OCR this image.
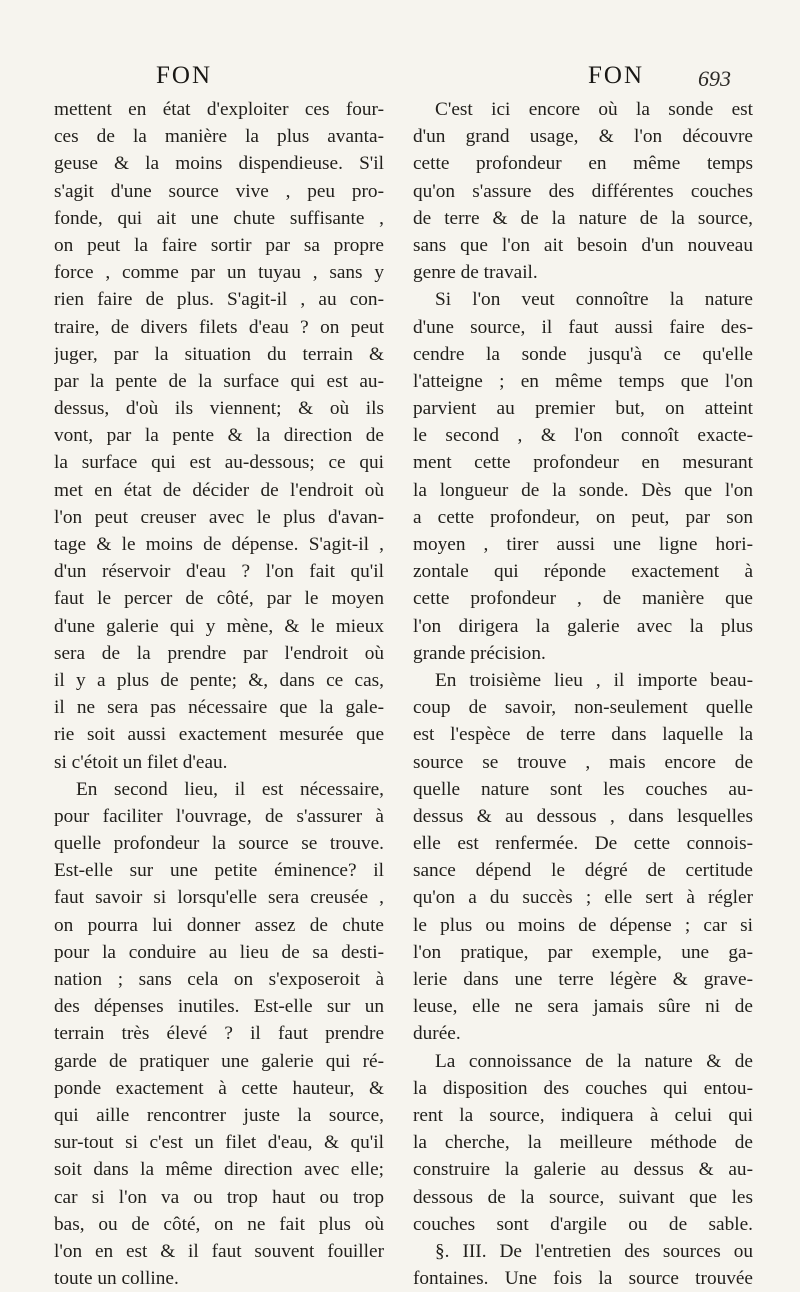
FON	FON 693
mettent en état d'exploiter ces four-
ces de la manière la plus avanta-
geuse & la moins dispendieuse. S'il
s'agit d'une source vive , peu pro-
fonde, qui ait une chute suffisante ,
on peut la faire sortir par sa propre
force , comme par un tuyau , sans y
rien faire de plus. S'agit-il , au con-
traire, de divers filets d'eau ? on peut
juger, par la situation du terrain &
par la pente de la surface qui est au-
dessus, d'où ils viennent; & où ils
vont, par la pente & la direction de
la surface qui est au-dessous; ce qui
met en état de décider de l'endroit où
l'on peut creuser avec le plus d'avan-
tage & le moins de dépense. S'agit-il ,
d'un réservoir d'eau ? l'on fait qu'il
faut le percer de côté, par le moyen
d'une galerie qui y mène, & le mieux
sera de la prendre par l'endroit où
il y a plus de pente; &, dans ce cas,
il ne sera pas nécessaire que la gale-
rie soit aussi exactement mesurée que
si c'étoit un filet d'eau.
En second lieu, il est nécessaire,
pour faciliter l'ouvrage, de s'assurer à
quelle profondeur la source se trouve.
Est-elle sur une petite éminence? il
faut savoir si lorsqu'elle sera creusée ,
on pourra lui donner assez de chute
pour la conduire au lieu de sa desti-
nation ; sans cela on s'exposeroit à
des dépenses inutiles. Est-elle sur un
terrain très élevé ? il faut prendre
garde de pratiquer une galerie qui ré-
ponde exactement à cette hauteur, &
qui aille rencontrer juste la source,
sur-tout si c'est un filet d'eau, & qu'il
soit dans la même direction avec elle;
car si l'on va ou trop haut ou trop
bas, ou de côté, on ne fait plus où
l'on en est & il faut souvent fouiller
toute un colline.
C'est ici encore où la sonde est
d'un grand usage, & l'on découvre
cette profondeur en même temps
qu'on s'assure des différentes couches
de terre & de la nature de la source,
sans que l'on ait besoin d'un nouveau
genre de travail.
Si l'on veut connoître la nature
d'une source, il faut aussi faire des-
cendre la sonde jusqu'à ce qu'elle
l'atteigne ; en même temps que l'on
parvient au premier but, on atteint
le second , & l'on connoît exacte-
ment cette profondeur en mesurant
la longueur de la sonde. Dès que l'on
a cette profondeur, on peut, par son
moyen , tirer aussi une ligne hori-
zontale qui réponde exactement à
cette profondeur , de manière que
l'on dirigera la galerie avec la plus
grande précision.
En troisième lieu , il importe beau-
coup de savoir, non-seulement quelle
est l'espèce de terre dans laquelle la
source se trouve , mais encore de
quelle nature sont les couches au-
dessus & au dessous , dans lesquelles
elle est renfermée. De cette connois-
sance dépend le dégré de certitude
qu'on a du succès ; elle sert à régler
le plus ou moins de dépense ; car si
l'on pratique, par exemple, une ga-
lerie dans une terre légère & grave-
leuse, elle ne sera jamais sûre ni de
durée.
La connoissance de la nature & de
la disposition des couches qui entou-
rent la source, indiquera à celui qui
la cherche, la meilleure méthode de
construire la galerie au dessus & au-
dessous de la source, suivant que les
couches sont d'argile ou de sable.
§. III. De l'entretien des sources ou
fontaines. Une fois la source trouvée
